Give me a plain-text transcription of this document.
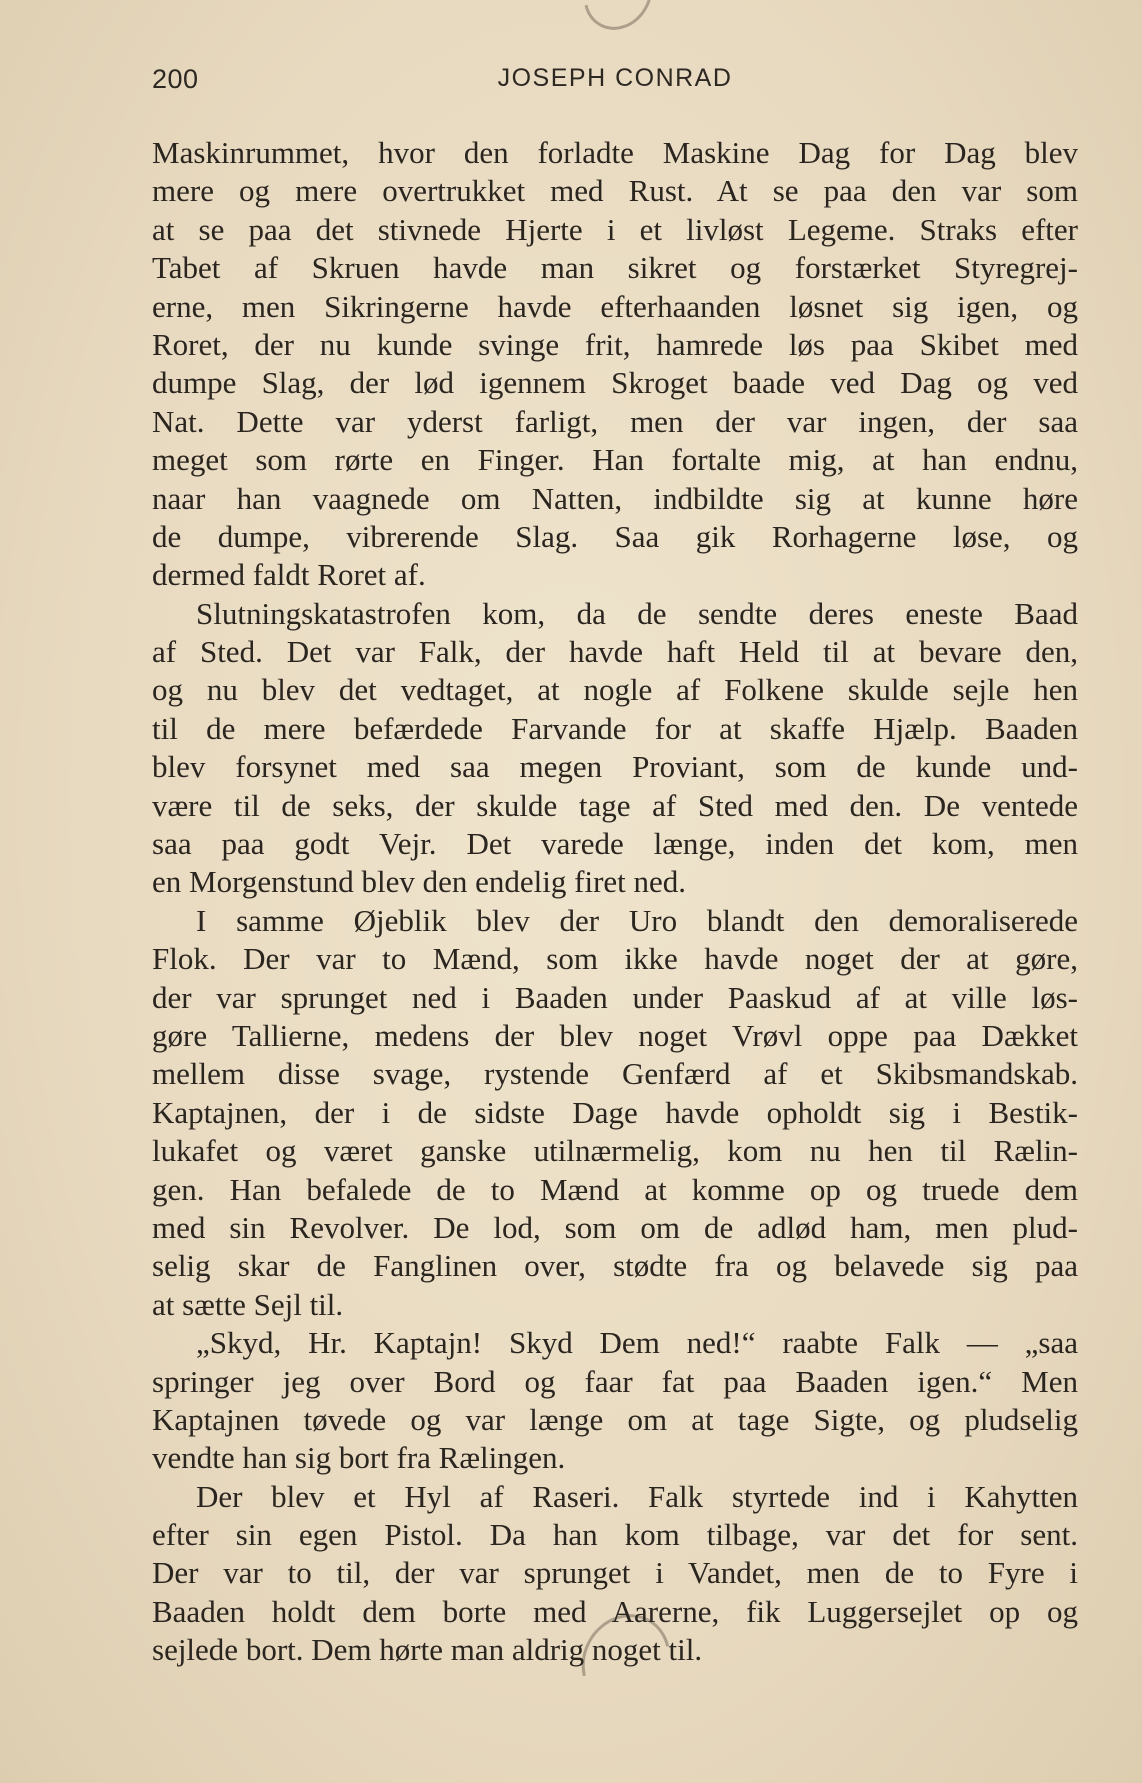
200	JOSEPH CONRAD
Maskinrummet, hvor den forladte Maskine Dag for Dag blev
mere og mere overtrukket med Rust. At se paa den var som
at se paa det stivnede Hjerte i et livløst Legeme. Straks efter
Tabet af Skruen havde man sikret og forstærket Styregrej-
erne, men Sikringerne havde efterhaanden løsnet sig igen, og
Roret, der nu kunde svinge frit, hamrede løs paa Skibet med
dumpe Slag, der lød igennem Skroget baade ved Dag og ved
Nat. Dette var yderst farligt, men der var ingen, der saa
meget som rørte en Finger. Han fortalte mig, at han endnu,
naar han vaagnede om Natten, indbildte sig at kunne høre
de dumpe, vibrerende Slag. Saa gik Rorhagerne løse, og
dermed faldt Roret af.
Slutningskatastrofen kom, da de sendte deres eneste Baad
af Sted. Det var Falk, der havde haft Held til at bevare den,
og nu blev det vedtaget, at nogle af Folkene skulde sejle hen
til de mere befærdede Farvande for at skaffe Hjælp. Baaden
blev forsynet med saa megen Proviant, som de kunde und-
være til de seks, der skulde tage af Sted med den. De ventede
saa paa godt Vejr. Det varede længe, inden det kom, men
en Morgenstund blev den endelig firet ned.
I samme Øjeblik blev der Uro blandt den demoraliserede
Flok. Der var to Mænd, som ikke havde noget der at gøre,
der var sprunget ned i Baaden under Paaskud af at ville løs-
gøre Tallierne, medens der blev noget Vrøvl oppe paa Dækket
mellem disse svage, rystende Genfærd af et Skibsmandskab.
Kaptajnen, der i de sidste Dage havde opholdt sig i Bestik-
lukafet og været ganske utilnærmelig, kom nu hen til Rælin-
gen. Han befalede de to Mænd at komme op og truede dem
med sin Revolver. De lod, som om de adlød ham, men plud-
selig skar de Fanglinen over, stødte fra og belavede sig paa
at sætte Sejl til.
„Skyd, Hr. Kaptajn! Skyd Dem ned!“ raabte Falk — „saa
springer jeg over Bord og faar fat paa Baaden igen.“ Men
Kaptajnen tøvede og var længe om at tage Sigte, og pludselig
vendte han sig bort fra Rælingen.
Der blev et Hyl af Raseri. Falk styrtede ind i Kahytten
efter sin egen Pistol. Da han kom tilbage, var det for sent.
Der var to til, der var sprunget i Vandet, men de to Fyre i
Baaden holdt dem borte med Aarerne, fik Luggersejlet op og
sejlede bort. Dem hørte man aldrig noget til.
